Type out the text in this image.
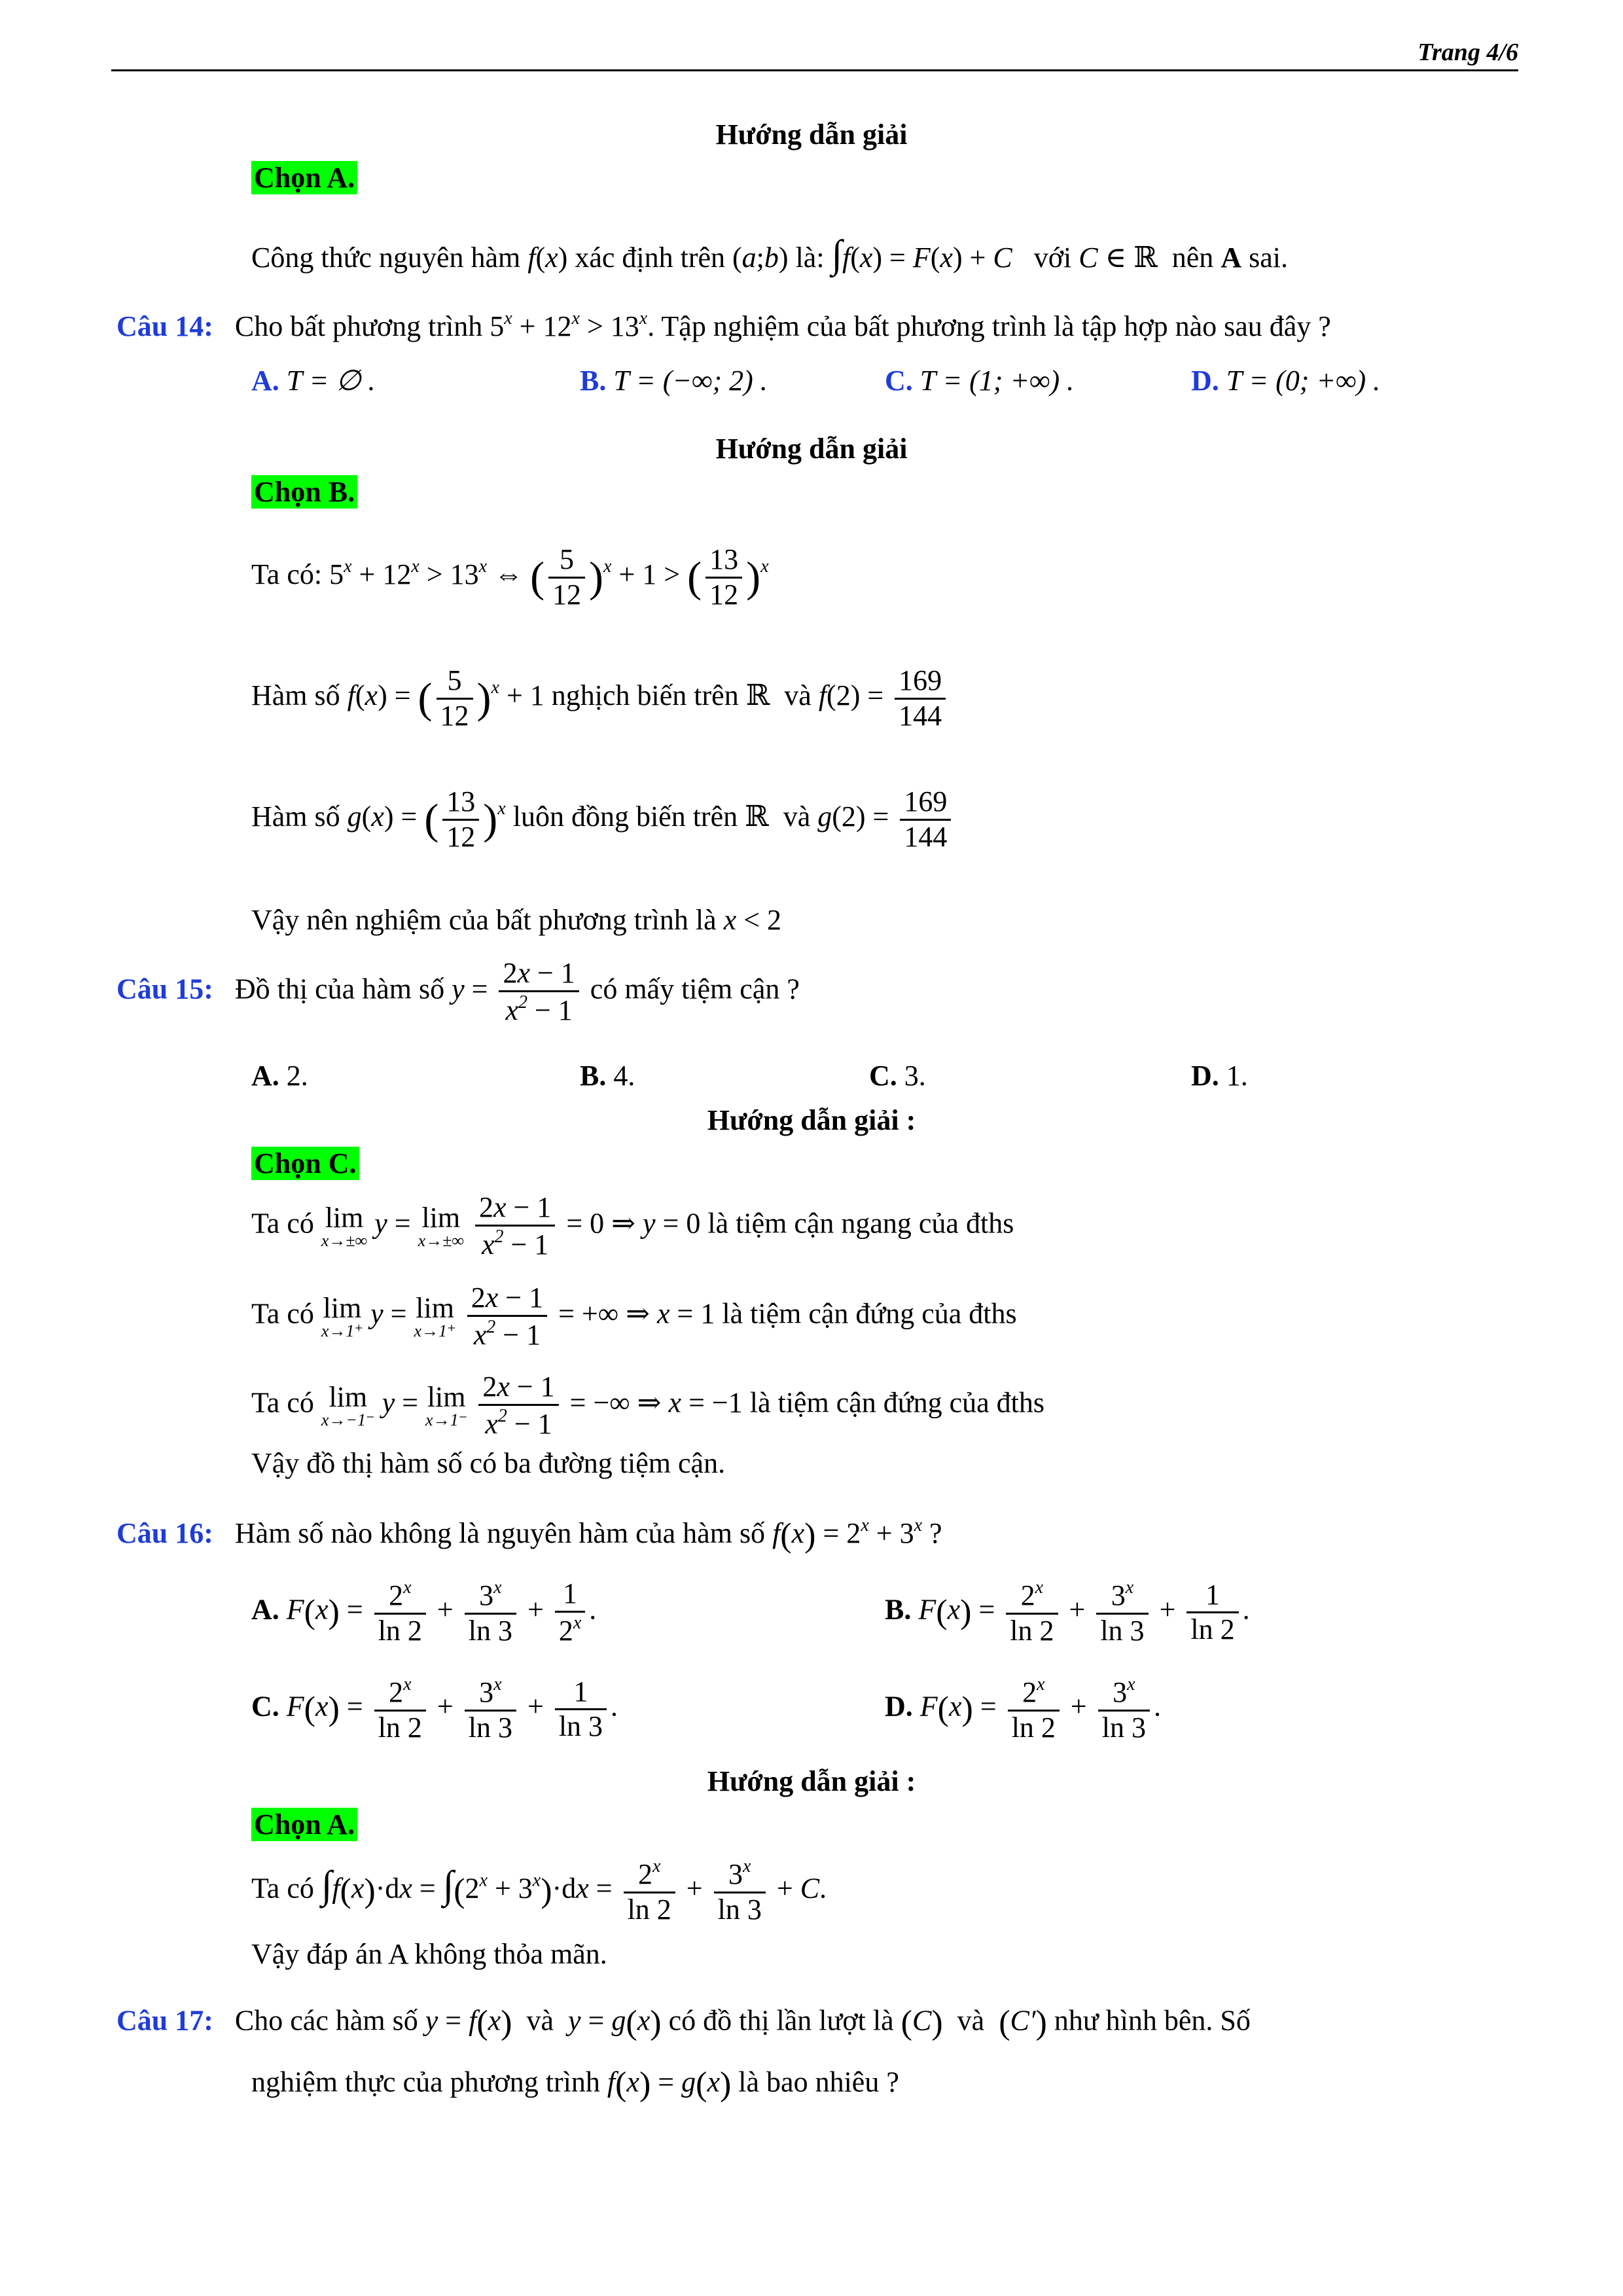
Trang 4/6
Hướng dẫn giải
Chọn A.
Công thức nguyên hàm f(x) xác định trên (a;b) là: ∫f(x) = F(x) + C với C ∈ ℝ  nên A sai.
Câu 14: Cho bất phương trình $5^x + 12^x > 13^x$. Tập nghiệm của bất phương trình là tập hợp nào sau đây ?
A. T = ∅ .	B. T = (−∞; 2) .	C. T = (1; +∞) .	D. T = (0; +∞) .
Hướng dẫn giải
Chọn B.
Ta có: $5^x + 12^x > 13^x$ ⇔ ( $\frac{5}{12} )^x + 1$ > ( $\frac{13}{12} )^x$
Hàm số f(x) = ( $\frac{5}{12} )^x + 1$ nghịch biến trên ℝ  và $f(2) = \frac{169}{144}$
Hàm số g(x) = ( $\frac{13}{12} )^x$ luôn đồng biến trên ℝ  và $g(2) = \frac{169}{144}$
Vậy nên nghiệm của bất phương trình là x < 2
Câu 15: Đồ thị của hàm số $y = \frac{2x - 1}{x^2 - 1}$ có mấy tiệm cận ?
A. 2.	B. 4.	C. 3.	D. 1.
Hướng dẫn giải :
Chọn C.
Ta có lim
x→±∞
y = lim
x→±∞
$\frac{2x - 1}{x^2 - 1} = 0$ ⇒ y = 0 là tiệm cận ngang của đths
Ta có lim
x→1⁺
y = lim
x→1⁺
$\frac{2x - 1}{x^2 - 1}$ = +∞ ⇒ x = 1 là tiệm cận đứng của đths
Ta có lim
x→−1⁻
y = lim
x→1⁻
$\frac{2x - 1}{x^2 - 1}$ = −∞ ⇒ x = −1 là tiệm cận đứng của đths
Vậy đồ thị hàm số có ba đường tiệm cận.
Câu 16: Hàm số nào không là nguyên hàm của hàm số $f(x) = 2^x + 3^x$ ?
A. $F(x) = \frac{2^x}{\ln 2} + \frac{3^x}{\ln 3} + \frac{1}{2^x}$ .	B. $F(x) = \frac{2^x}{\ln 2} + \frac{3^x}{\ln 3} + \frac{1}{\ln 2}$ .
C. $F(x) = \frac{2^x}{\ln 2} + \frac{3^x}{\ln 3} + \frac{1}{\ln 3}$ .	D. $F(x) = \frac{2^x}{\ln 2} + \frac{3^x}{\ln 3}$ .
Hướng dẫn giải :
Chọn A.
Ta có $\int f(x)\cdot dx = \int(2^x + 3^x)\cdot dx = \frac{2^x}{\ln 2} + \frac{3^x}{\ln 3} + C$.
Vậy đáp án A không thỏa mãn.
Câu 17: Cho các hàm số y = f(x) và y = g(x) có đồ thị lần lượt là (C) và (C′) như hình bên. Số
nghiệm thực của phương trình f(x) = g(x) là bao nhiêu ?
